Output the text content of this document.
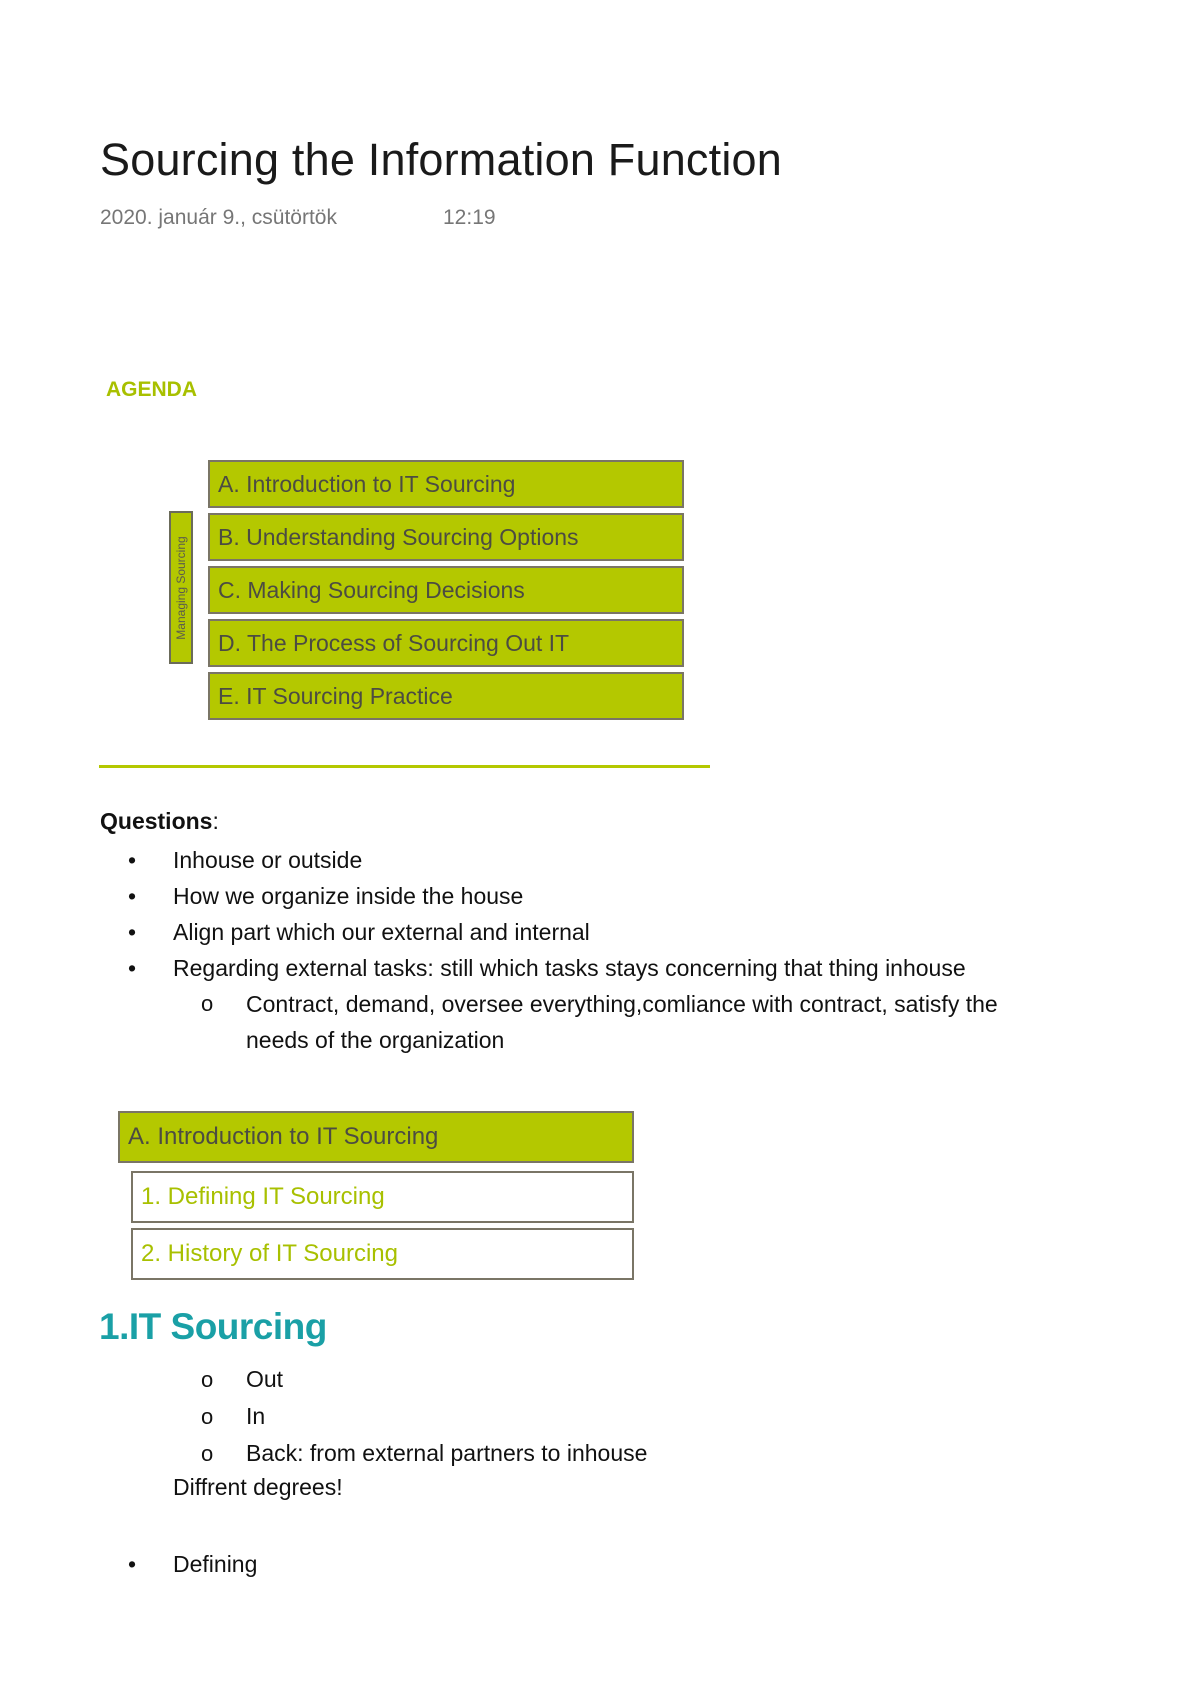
Sourcing the Information Function
2020. január 9., csütörtök	12:19
AGENDA
Managing Sourcing
A. Introduction to IT Sourcing
B. Understanding Sourcing Options
C. Making Sourcing Decisions
D. The Process of Sourcing Out IT
E. IT Sourcing Practice

Questions:

• Inhouse or outside
• How we organize inside the house
• Align part which our external and internal
• Regarding external tasks: still which tasks stays concerning that thing inhouse
o Contract, demand, oversee everything,comliance with contract, satisfy the needs of the organization
A. Introduction to IT Sourcing
1. Defining IT Sourcing
2. History of IT Sourcing
1.IT Sourcing
o Out
o In
o Back: from external partners to inhouse
Diffrent degrees!
• Defining
